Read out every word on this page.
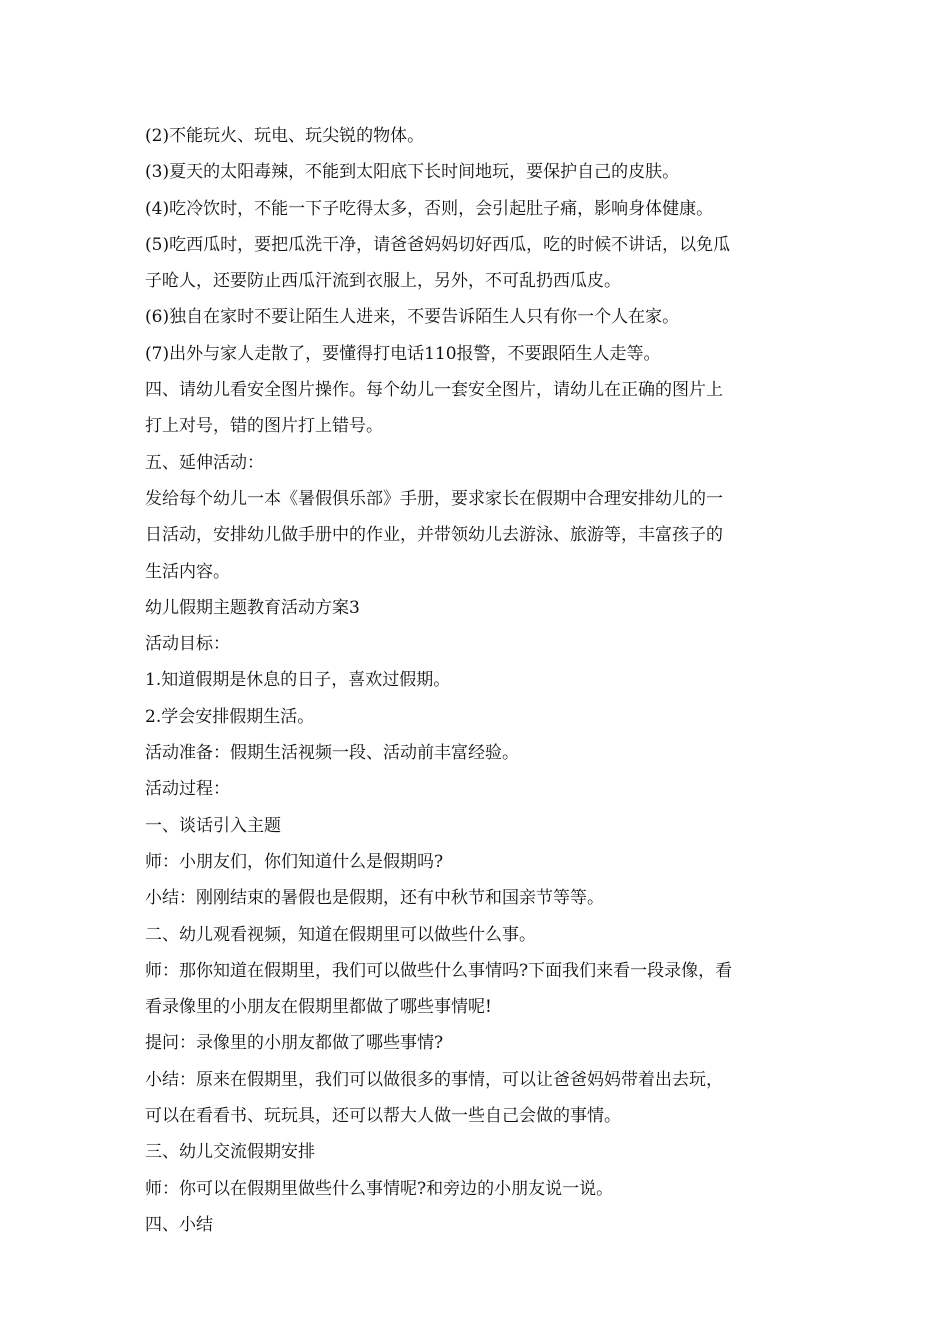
(2)不能玩火、玩电、玩尖锐的物体。

(3)夏天的太阳毒辣，不能到太阳底下长时间地玩，要保护自己的皮肤。

(4)吃冷饮时，不能一下子吃得太多，否则，会引起肚子痛，影响身体健康。

(5)吃西瓜时，要把瓜洗干净，请爸爸妈妈切好西瓜，吃的时候不讲话，以免瓜

子呛人，还要防止西瓜汗流到衣服上，另外，不可乱扔西瓜皮。

(6)独自在家时不要让陌生人进来，不要告诉陌生人只有你一个人在家。

(7)出外与家人走散了，要懂得打电话110报警，不要跟陌生人走等。

四、请幼儿看安全图片操作。每个幼儿一套安全图片，请幼儿在正确的图片上

打上对号，错的图片打上错号。

五、延伸活动：

发给每个幼儿一本《暑假俱乐部》手册，要求家长在假期中合理安排幼儿的一

日活动，安排幼儿做手册中的作业，并带领幼儿去游泳、旅游等，丰富孩子的

生活内容。

幼儿假期主题教育活动方案3

活动目标：

1.知道假期是休息的日子，喜欢过假期。

2.学会安排假期生活。

活动准备：假期生活视频一段、活动前丰富经验。

活动过程：

一、谈话引入主题

师：小朋友们，你们知道什么是假期吗?

小结：刚刚结束的暑假也是假期，还有中秋节和国亲节等等。

二、幼儿观看视频，知道在假期里可以做些什么事。

师：那你知道在假期里，我们可以做些什么事情吗?下面我们来看一段录像，看

看录像里的小朋友在假期里都做了哪些事情呢!

提问：录像里的小朋友都做了哪些事情?

小结：原来在假期里，我们可以做很多的事情，可以让爸爸妈妈带着出去玩，

可以在看看书、玩玩具，还可以帮大人做一些自己会做的事情。

三、幼儿交流假期安排

师：你可以在假期里做些什么事情呢?和旁边的小朋友说一说。

四、小结
